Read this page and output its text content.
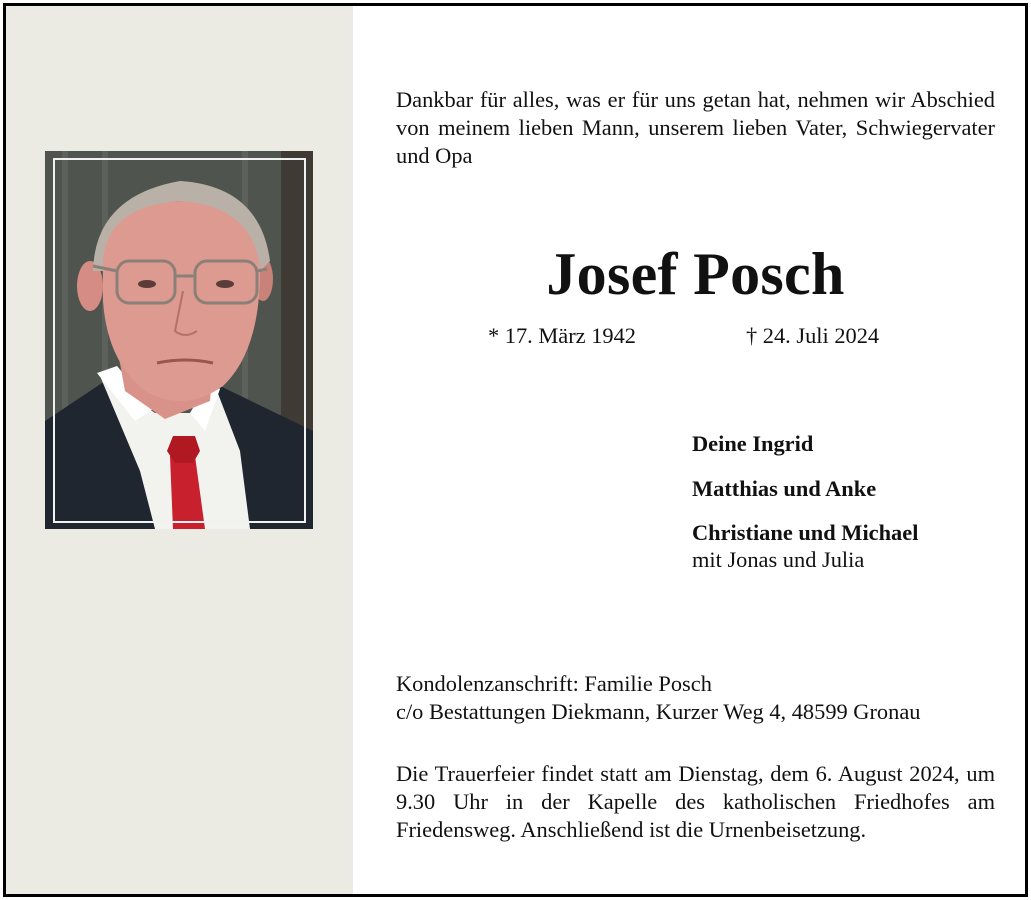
Dankbar für alles, was er für uns getan hat, nehmen wir Abschied von meinem lieben Mann, unserem lieben Vater, Schwiegervater und Opa
Josef Posch
* 17. März 1942	† 24. Juli 2024
Deine Ingrid
Matthias und Anke
Christiane und Michael
mit Jonas und Julia
Kondolenzanschrift: Familie Posch
c/o Bestattungen Diekmann, Kurzer Weg 4, 48599 Gronau
Die Trauerfeier findet statt am Dienstag, dem 6. August 2024, um 9.30 Uhr in der Kapelle des katholischen Friedhofes am Friedensweg. Anschließend ist die Urnenbeisetzung.
